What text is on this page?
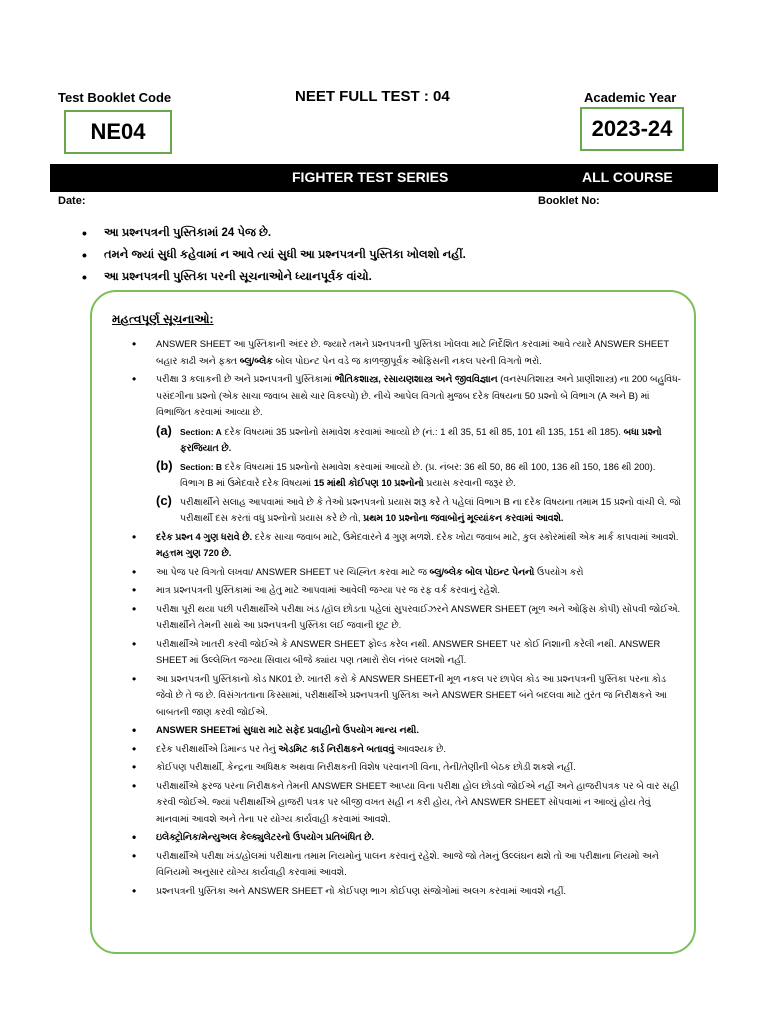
Test Booklet Code
NE04
NEET FULL TEST : 04	Academic Year
2023-24
FIGHTER TEST SERIES	ALL COURSE
Date:	Booklet No:
• આ પ્રશ્નપત્રની પુસ્તિકામાં 24 પેજ છે.
• તમને જ્યાં સુધી કહેવામાં ન આવે ત્યાં સુધી આ પ્રશ્નપત્રની પુસ્તિકા ખોલશો નહીં.
• આ પ્રશ્નપત્રની પુસ્તિકા પરની સૂચનાઓને ધ્યાનપૂર્વક વાંચો.
મહત્વપૂર્ણ સૂચનાઓ:
• ANSWER SHEET આ પુસ્તિકાની અંદર છે. જ્યારે તમને પ્રશ્નપત્રની પુસ્તિકા ખોલવા માટે નિર્દેશિત કરવામાં આવે ત્યારે ANSWER SHEET બહાર કાઢી અને ફક્ત બ્લુ/બ્લેક બોલ પોઇન્ટ પેન વડે જ કાળજીપૂર્વક ઓફિસની નકલ પરની વિગતો ભરો.
• પરીક્ષા 3 કલાકની છે અને પ્રશ્નપત્રની પુસ્તિકામાં ભૌતિકશાસ્ત્ર, રસાયણશાસ્ત્ર અને જીવવિજ્ઞાન (વનસ્પતિશાસ્ત્ર અને પ્રાણીશાસ્ત્ર) ના 200 બહુવિધ-પસંદગીના પ્રશ્નો (એક સાચા જવાબ સાથે ચાર વિકલ્પો) છે. નીચે આપેલ વિગતો મુજબ દરેક વિષયના 50 પ્રશ્નો બે વિભાગ (A અને B) માં વિભાજિત કરવામાં આવ્યા છે.
(a) Section: A દરેક વિષયમાં 35 પ્રશ્નોનો સમાવેશ કરવામાં આવ્યો છે (નં.: 1 થી 35, 51 થી 85, 101 થી 135, 151 થી 185). બધા પ્રશ્નો ફરજિયાત છે.
(b) Section: B દરેક વિષયમાં 15 પ્રશ્નોનો સમાવેશ કરવામાં આવ્યો છે. (પ્ર. નંબર: 36 થી 50, 86 થી 100, 136 થી 150, 186 થી 200). વિભાગ B માં ઉમેદવારે દરેક વિષયમાં 15 માંથી કોઈપણ 10 પ્રશ્નોનો પ્રયાસ કરવાની જરૂર છે.
(c) પરીક્ષાર્થીને સલાહ આપવામાં આવે છે કે તેઓ પ્રશ્નપત્રનો પ્રયાસ શરૂ કરે તે પહેલાં વિભાગ B ના દરેક વિષયના તમામ 15 પ્રશ્નો વાંચી લે. જો પરીક્ષાર્થી દસ કરતાં વધુ પ્રશ્નોનો પ્રયાસ કરે છે તો, પ્રથમ 10 પ્રશ્નોના જવાબોનું મૂલ્યાંકન કરવામાં આવશે.
• દરેક પ્રશ્ન 4 ગુણ ધરાવે છે. દરેક સાચા જવાબ માટે, ઉમેદવારને 4 ગુણ મળશે. દરેક ખોટા જવાબ માટે, કુલ સ્કોરમાંથી એક માર્ક કાપવામાં આવશે. મહત્તમ ગુણ 720 છે.
• આ પેજ પર વિગતો લખવા/ ANSWER SHEET પર ચિહ્નિત કરવા માટે જ બ્લુ/બ્લેક બોલ પોઇન્ટ પેનનો ઉપયોગ કરો
• માત્ર પ્રશ્નપત્રની પુસ્તિકામાં આ હેતુ માટે આપવામાં આવેલી જગ્યા પર જ રફ વર્ક કરવાનું રહેશે.
• પરીક્ષા પૂરી થયા પછી પરીક્ષાર્થીએ પરીક્ષા ખંડ /હૉલ છોડતા પહેલાં સુપરવાઈઝરને ANSWER SHEET (મૂળ અને ઓફિસ કોપી) સોંપવી જોઈએ. પરીક્ષાર્થીને તેમની સાથે આ પ્રશ્નપત્રની પુસ્તિકા લઈ જવાની છૂટ છે.
• પરીક્ષાર્થીએ ખાતરી કરવી જોઈએ કે ANSWER SHEET ફોલ્ડ કરેલ નથી. ANSWER SHEET પર કોઈ નિશાની કરેલી નથી. ANSWER SHEET માં ઉલ્લેખિત જગ્યા સિવાય બીજે ક્યાંય પણ તમારો રોલ નંબર લખશો નહીં.
• આ પ્રશ્નપત્રની પુસ્તિકાનો કોડ NK01 છે. ખાતરી કરો કે ANSWER SHEETની મૂળ નકલ પર છાપેલ કોડ આ પ્રશ્નપત્રની પુસ્તિકા પરના કોડ જેવો છે તે જ છે. વિસંગતતાના કિસ્સામાં, પરીક્ષાર્થીએ પ્રશ્નપત્રની પુસ્તિકા અને ANSWER SHEET બંને બદલવા માટે તુરંત જ નિરીક્ષકને આ બાબતની જાણ કરવી જોઈએ.
• ANSWER SHEETમાં સુધારા માટે સફેદ પ્રવાહીનો ઉપયોગ માન્ય નથી.
• દરેક પરીક્ષાર્થીએ ડિમાન્ડ પર તેનું એડમિટ કાર્ડ નિરીક્ષકને બતાવવું આવશ્યક છે.
• કોઈપણ પરીક્ષાર્થી, કેન્દ્રના અધિક્ષક અથવા નિરીક્ષકની વિશેષ પરવાનગી વિના, તેની/તેણીની બેઠક છોડી શકશે નહીં.
• પરીક્ષાર્થીએ ફરજ પરના નિરીક્ષકને તેમની ANSWER SHEET આપ્યા વિના પરીક્ષા હોલ છોડવો જોઈએ નહીં અને હાજરીપત્રક પર બે વાર સહી કરવી જોઈએ. જ્યાં પરીક્ષાર્થીએ હાજરી પત્રક પર બીજી વખત સહી ન કરી હોય, તેને ANSWER SHEET સોંપવામાં ન આવ્યું હોય તેવું માનવામાં આવશે અને તેના પર યોગ્ય કાર્યવાહી કરવામાં આવશે.
• ઇલેક્ટ્રોનિક/મેન્યુઅલ કેલ્ક્યુલેટરનો ઉપયોગ પ્રતિબંધિત છે.
• પરીક્ષાર્થીએ પરીક્ષા ખંડ/હોલમાં પરીક્ષાના તમામ નિયમોનું પાલન કરવાનું રહેશે. આજે જો તેમનું ઉલ્લંઘન થશે તો આ પરીક્ષાના નિયમો અને વિનિયમો અનુસાર યોગ્ય કાર્યવાહી કરવામાં આવશે.
• પ્રશ્નપત્રની પુસ્તિકા અને ANSWER SHEET નો કોઈપણ ભાગ કોઈપણ સંજોગોમાં અલગ કરવામાં આવશે નહીં.
